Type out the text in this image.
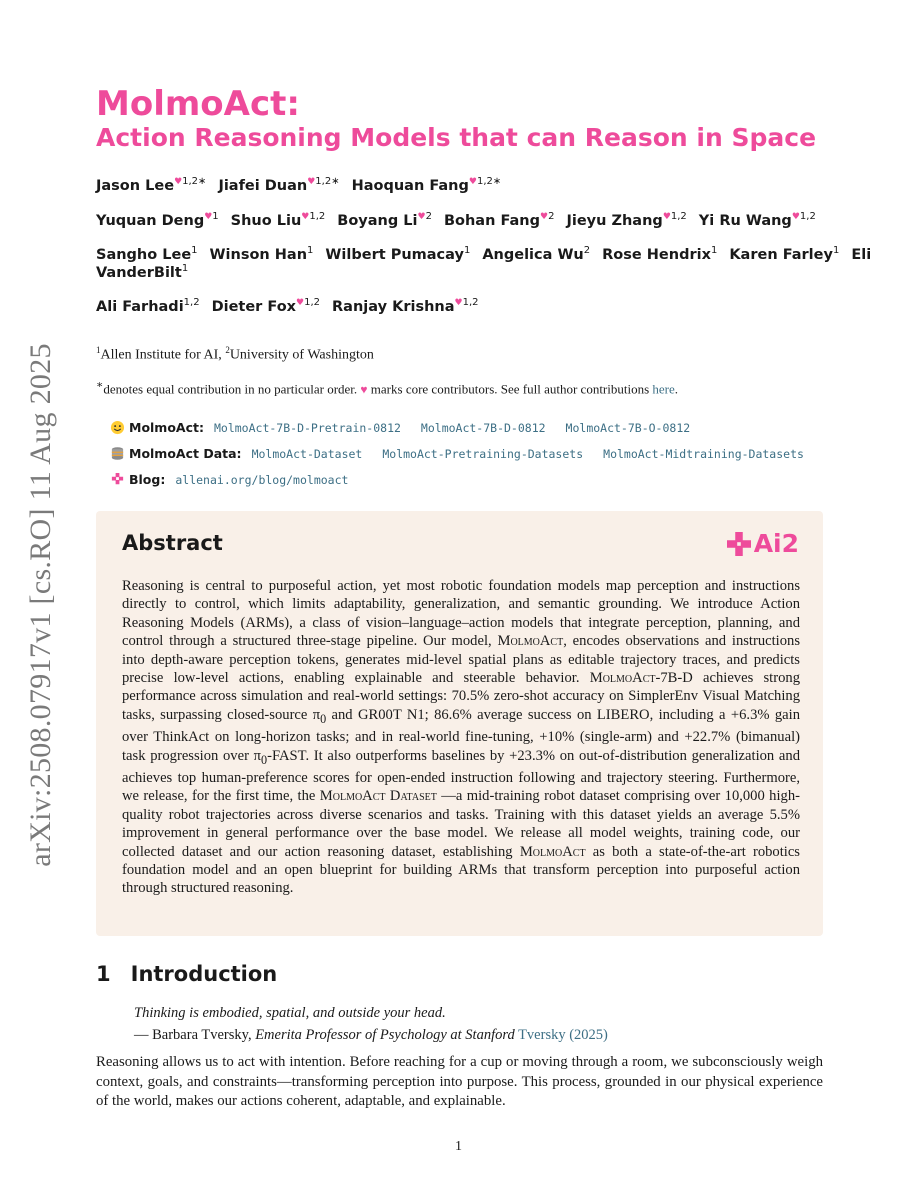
arXiv:2508.07917v1 [cs.RO] 11 Aug 2025
MolmoAct:
Action Reasoning Models that can Reason in Space
Jason Lee$^{♥1,2∗}$ Jiafei Duan$^{♥1,2∗}$ Haoquan Fang$^{♥1,2∗}$
Yuquan Deng$^{♥1}$ Shuo Liu$^{♥1,2}$ Boyang $Li^{♥2}$ Bohan Fang$^{♥2}$ Jieyu Zhang$^{♥1,2}$ Yi Ru Wang$^{♥1,2}$
Sangho Lee$^1$ Winson Han$^1$ Wilbert Pumacay$^1$ Angelica Wu$^2$ Rose Hendrix$^1$ Karen Farley$^1$ Eli
VanderBilt$^1$
Ali Farhadi$^{1,2}$ Dieter Fox$^{♥1,2}$ Ranjay Krishna$^{♥1,2}$
$^1$Allen Institute for AI, $^2$University of Washington
∗denotes equal contribution in no particular order. ♥ marks core contributors. See full author contributions here.
MolmoAct: MolmoAct-7B-D-Pretrain-0812 MolmoAct-7B-D-0812 MolmoAct-7B-O-0812
MolmoAct Data: MolmoAct-Dataset MolmoAct-Pretraining-Datasets MolmoAct-Midtraining-Datasets
Blog: allenai.org/blog/molmoact
Abstract	Ai2
Reasoning is central to purposeful action, yet most robotic foundation models map perception and instructions directly to control, which limits adaptability, generalization, and semantic grounding. We introduce Action Reasoning Models (ARMs), a class of vision–language–action models that integrate perception, planning, and control through a structured three-stage pipeline. Our model, MolmoAct, encodes observations and instructions into depth-aware perception tokens, generates mid-level spatial plans as editable trajectory traces, and predicts precise low-level actions, enabling explainable and steerable behavior. MolmoAct-7B-D achieves strong performance across simulation and real-world settings: 70.5% zero-shot accuracy on SimplerEnv Visual Matching tasks, surpassing closed-source $\pi_0$ and GR00T N1; 86.6% average success on LIBERO, including a +6.3% gain over ThinkAct on long-horizon tasks; and in real-world fine-tuning, +10% (single-arm) and +22.7% (bimanual) task progression over $\pi_0$-FAST. It also outperforms baselines by +23.3% on out-of-distribution generalization and achieves top human-preference scores for open-ended instruction following and trajectory steering. Furthermore, we release, for the first time, the MolmoAct Dataset —a mid-training robot dataset comprising over 10,000 high-quality robot trajectories across diverse scenarios and tasks. Training with this dataset yields an average 5.5% improvement in general performance over the base model. We release all model weights, training code, our collected dataset and our action reasoning dataset, establishing MolmoAct as both a state-of-the-art robotics foundation model and an open blueprint for building ARMs that transform perception into purposeful action through structured reasoning.
1 Introduction
Thinking is embodied, spatial, and outside your head.
— Barbara Tversky, Emerita Professor of Psychology at Stanford Tversky (2025)
Reasoning allows us to act with intention. Before reaching for a cup or moving through a room, we subconsciously weigh context, goals, and constraints—transforming perception into purpose. This process, grounded in our physical experience of the world, makes our actions coherent, adaptable, and explainable.
1
